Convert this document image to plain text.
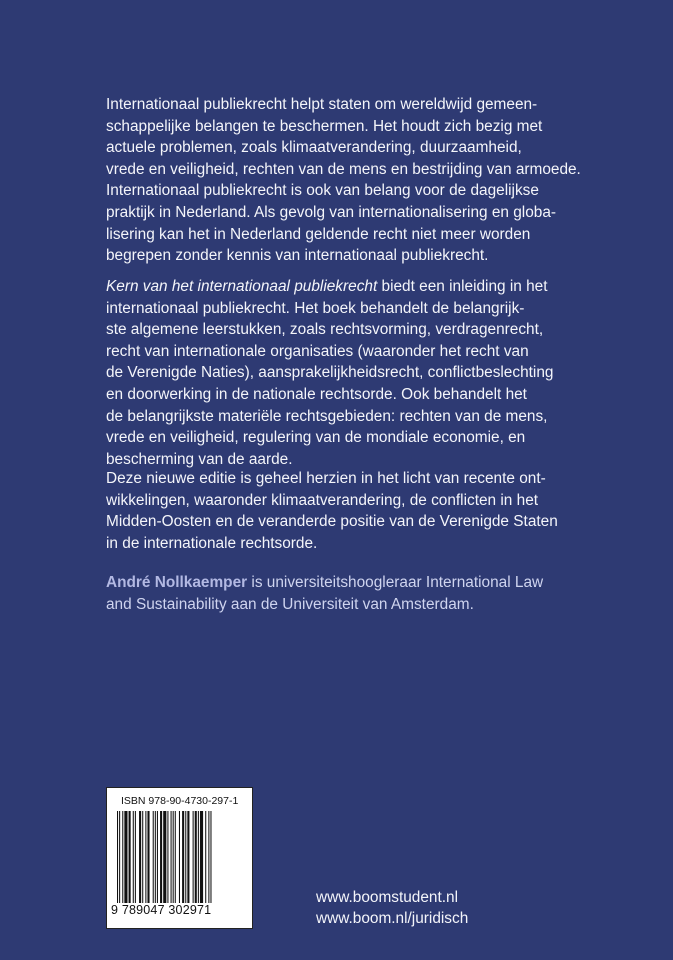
Internationaal publiekrecht helpt staten om wereldwijd gemeen-
schappelijke belangen te beschermen. Het houdt zich bezig met
actuele problemen, zoals klimaatverandering, duurzaamheid,
vrede en veiligheid, rechten van de mens en bestrijding van armoede.
Internationaal publiekrecht is ook van belang voor de dagelijkse
praktijk in Nederland. Als gevolg van internationalisering en globa-
lisering kan het in Nederland geldende recht niet meer worden
begrepen zonder kennis van internationaal publiekrecht.
Kern van het internationaal publiekrecht biedt een inleiding in het
internationaal publiekrecht. Het boek behandelt de belangrijk-
ste algemene leerstukken, zoals rechtsvorming, verdragenrecht,
recht van internationale organisaties (waaronder het recht van
de Verenigde Naties), aansprakelijkheidsrecht, conflictbeslechting
en doorwerking in de nationale rechtsorde. Ook behandelt het
de belangrijkste materiële rechtsgebieden: rechten van de mens,
vrede en veiligheid, regulering van de mondiale economie, en
bescherming van de aarde.
Deze nieuwe editie is geheel herzien in het licht van recente ont-
wikkelingen, waaronder klimaatverandering, de conflicten in het
Midden-Oosten en de veranderde positie van de Verenigde Staten
in de internationale rechtsorde.
André Nollkaemper is universiteitshoogleraar International Law
and Sustainability aan de Universiteit van Amsterdam.
ISBN 978-90-4730-297-1
9 789047 302971
www.boomstudent.nl
www.boom.nl/juridisch
